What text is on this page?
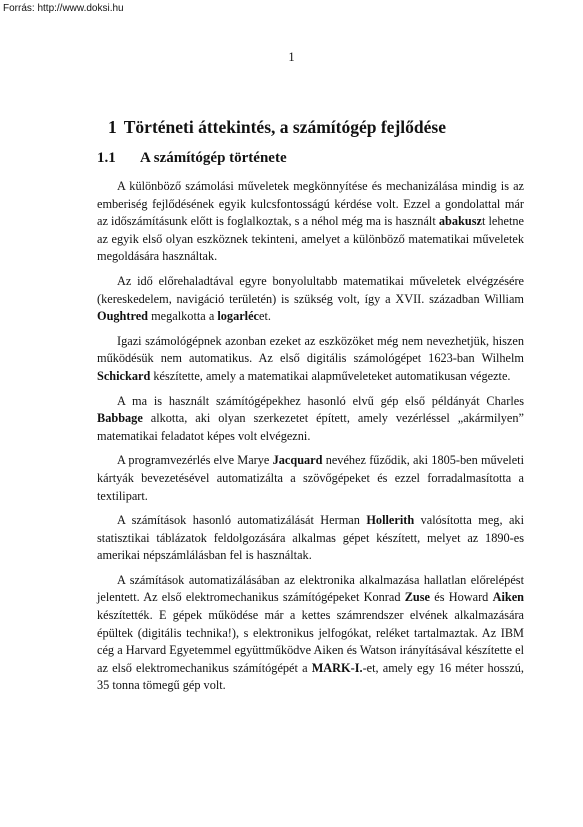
Forrás: http://www.doksi.hu
1
1 Történeti áttekintés, a számítógép fejlődése
1.1 A számítógép története

A különböző számolási műveletek megkönnyítése és mechanizálása mindig is az emberiség fejlődésének egyik kulcsfontosságú kérdése volt. Ezzel a gondolattal már az időszámításunk előtt is foglalkoztak, s a néhol még ma is használt abakuszt lehetne az egyik első olyan eszköznek tekinteni, amelyet a különböző matematikai műveletek megoldására használtak.

Az idő előrehaladtával egyre bonyolultabb matematikai műveletek elvégzésére (kereskedelem, navigáció területén) is szükség volt, így a XVII. században William Oughtred megalkotta a logarlécet.

Igazi számológépnek azonban ezeket az eszközöket még nem nevezhetjük, hiszen működésük nem automatikus. Az első digitális számológépet 1623-ban Wilhelm Schickard készítette, amely a matematikai alapműveleteket automatikusan végezte.

A ma is használt számítógépekhez hasonló elvű gép első példányát Charles Babbage alkotta, aki olyan szerkezetet épített, amely vezérléssel „akármilyen” matematikai feladatot képes volt elvégezni.

A programvezérlés elve Marye Jacquard nevéhez fűződik, aki 1805-ben műveleti kártyák bevezetésével automatizálta a szövőgépeket és ezzel forradalmasította a textilipart.

A számítások hasonló automatizálását Herman Hollerith valósította meg, aki statisztikai táblázatok feldolgozására alkalmas gépet készített, melyet az 1890-es amerikai népszámlálásban fel is használtak.

A számítások automatizálásában az elektronika alkalmazása hallatlan előrelépést jelentett. Az első elektromechanikus számítógépeket Konrad Zuse és Howard Aiken készítették. E gépek működése már a kettes számrendszer elvének alkalmazására épültek (digitális technika!), s elektronikus jelfogókat, reléket tartalmaztak. Az IBM cég a Harvard Egyetemmel együttműködve Aiken és Watson irányításával készítette el az első elektromechanikus számítógépét a MARK-I.-et, amely egy 16 méter hosszú, 35 tonna tömegű gép volt.
